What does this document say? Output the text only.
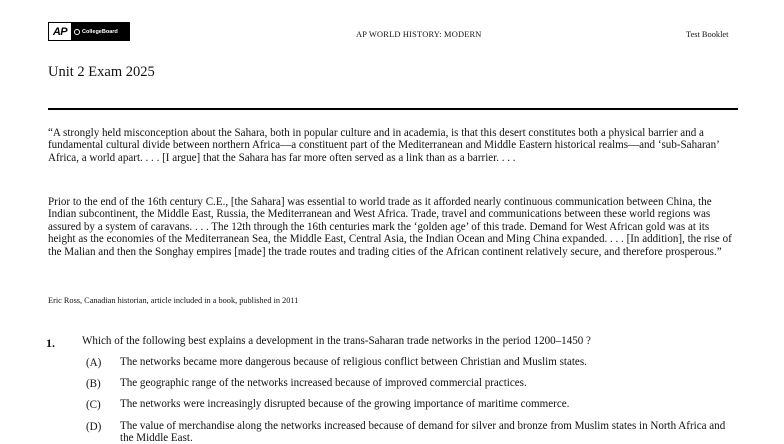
AP	CollegeBoard	AP WORLD HISTORY: MODERN	Test Booklet
Unit 2 Exam 2025

“A strongly held misconception about the Sahara, both in popular culture and in academia, is that this desert constitutes both a physical barrier and a fundamental cultural divide between northern Africa—a constituent part of the Mediterranean and Middle Eastern historical realms—and ‘sub-Saharan’ Africa, a world apart. . . . [I argue] that the Sahara has far more often served as a link than as a barrier. . . .

Prior to the end of the 16th century C.E., [the Sahara] was essential to world trade as it afforded nearly continuous communication between China, the Indian subcontinent, the Middle East, Russia, the Mediterranean and West Africa. Trade, travel and communications between these world regions was assured by a system of caravans. . . . The 12th through the 16th centuries mark the ‘golden age’ of this trade. Demand for West African gold was at its height as the economies of the Mediterranean Sea, the Middle East, Central Asia, the Indian Ocean and Ming China expanded. . . . [In addition], the rise of the Malian and then the Songhay empires [made] the trade routes and trading cities of the African continent relatively secure, and therefore prosperous.”

Eric Ross, Canadian historian, article included in a book, published in 2011
1. Which of the following best explains a development in the trans-Saharan trade networks in the period 1200–1450 ?
(A)	The networks became more dangerous because of religious conflict between Christian and Muslim states.
(B)	The geographic range of the networks increased because of improved commercial practices.
(C)	The networks were increasingly disrupted because of the growing importance of maritime commerce.
(D)	The value of merchandise along the networks increased because of demand for silver and bronze from Muslim states in North Africa and the Middle East.
